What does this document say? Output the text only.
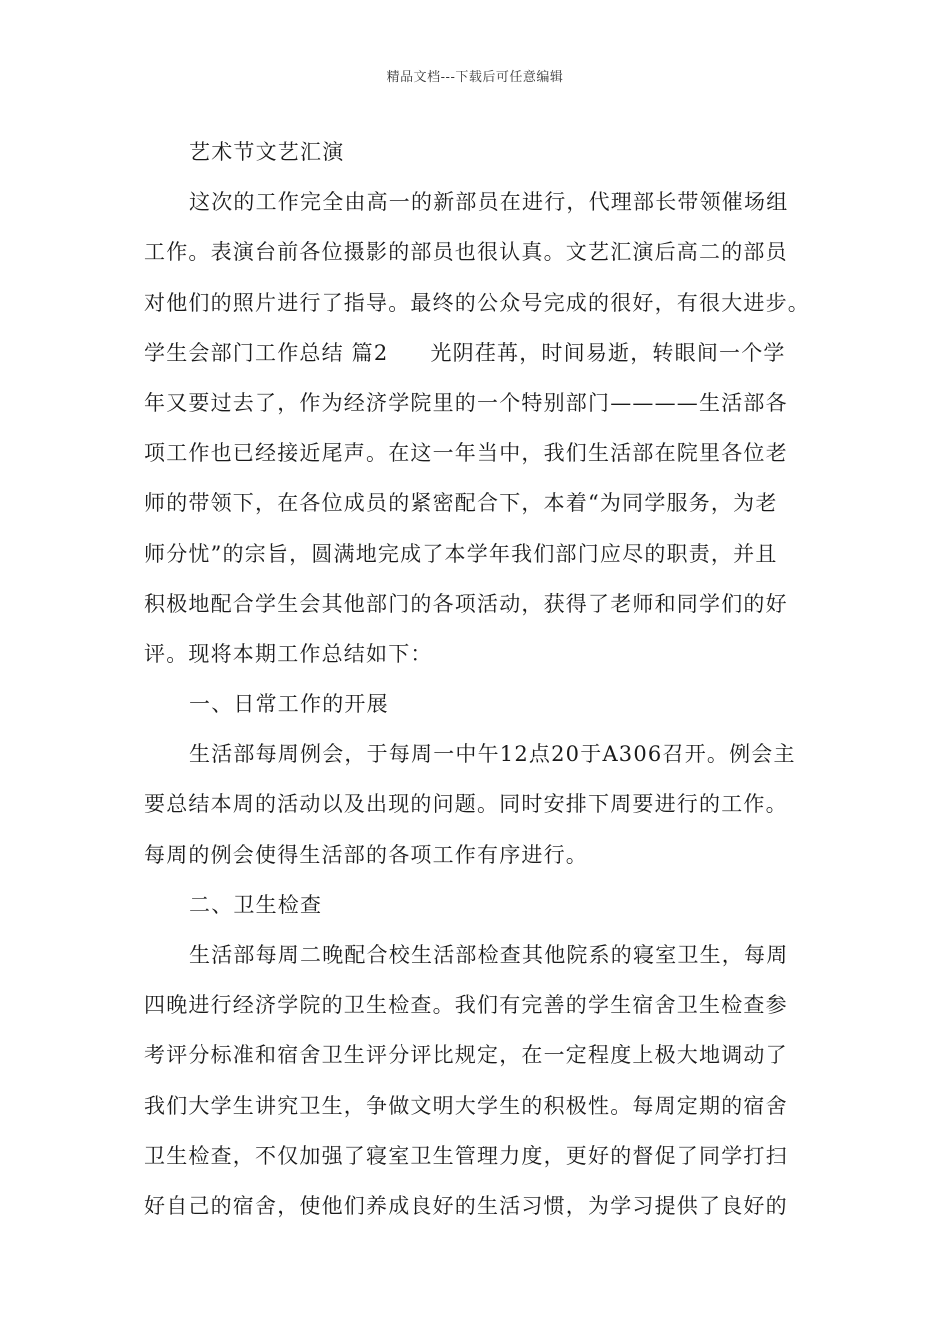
精品文档---下载后可任意编辑
艺术节文艺汇演
这次的工作完全由高一的新部员在进行，代理部长带领催场组
工作。表演台前各位摄影的部员也很认真。文艺汇演后高二的部员
对他们的照片进行了指导。最终的公众号完成的很好，有很大进步。
学生会部门工作总结 篇2 光阴荏苒，时间易逝，转眼间一个学
年又要过去了，作为经济学院里的一个特别部门————生活部各
项工作也已经接近尾声。在这一年当中，我们生活部在院里各位老
师的带领下，在各位成员的紧密配合下，本着“为同学服务，为老
师分忧”的宗旨，圆满地完成了本学年我们部门应尽的职责，并且
积极地配合学生会其他部门的各项活动，获得了老师和同学们的好
评。现将本期工作总结如下：
一、日常工作的开展
生活部每周例会，于每周一中午12点20于A306召开。例会主
要总结本周的活动以及出现的问题。同时安排下周要进行的工作。
每周的例会使得生活部的各项工作有序进行。
二、卫生检查
生活部每周二晚配合校生活部检查其他院系的寝室卫生，每周
四晚进行经济学院的卫生检查。我们有完善的学生宿舍卫生检查参
考评分标准和宿舍卫生评分评比规定，在一定程度上极大地调动了
我们大学生讲究卫生，争做文明大学生的积极性。每周定期的宿舍
卫生检查，不仅加强了寝室卫生管理力度，更好的督促了同学打扫
好自己的宿舍，使他们养成良好的生活习惯，为学习提供了良好的
